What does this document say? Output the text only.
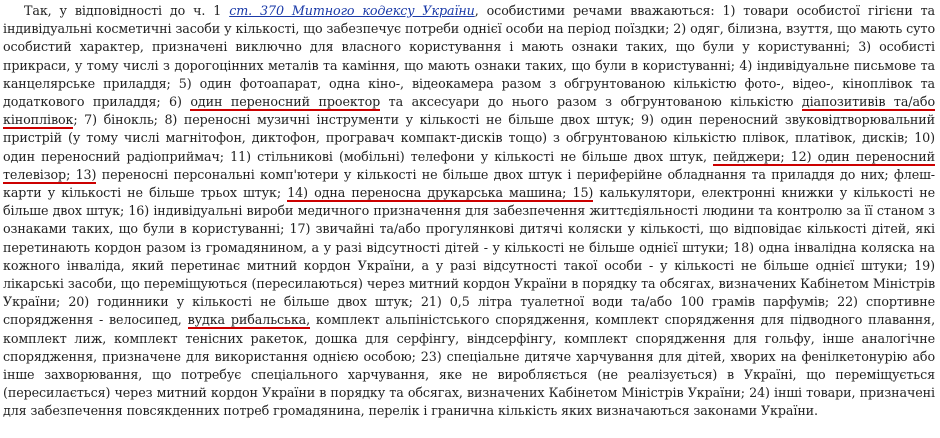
Так, у відповідності до ч. 1 ст. 370 Митного кодексу України, особистими речами вважаються: 1) товари особистої гігієни та індивідуальні косметичні засоби у кількості, що забезпечує потреби однієї особи на період поїздки; 2) одяг, білизна, взуття, що мають суто особистий характер, призначені виключно для власного користування і мають ознаки таких, що були у користуванні; 3) особисті прикраси, у тому числі з дорогоцінних металів та каміння, що мають ознаки таких, що були в користуванні; 4) індивідуальне письмове та канцелярське приладдя; 5) один фотоапарат, одна кіно-, відеокамера разом з обгрунтованою кількістю фото-, відео-, кіноплівок та додаткового приладдя; 6) один переносний проектор та аксесуари до нього разом з обгрунтованою кількістю діапозитивів та/або кіноплівок; 7) бінокль; 8) переносні музичні інструменти у кількості не більше двох штук; 9) один переносний звуковідтворювальний пристрій (у тому числі магнітофон, диктофон, програвач компакт-дисків тощо) з обгрунтованою кількістю плівок, платівок, дисків; 10) один переносний радіоприймач; 11) стільникові (мобільні) телефони у кількості не більше двох штук, пейджери; 12) один переносний телевізор; 13) переносні персональні комп'ютери у кількості не більше двох штук і периферійне обладнання та приладдя до них; флеш-карти у кількості не більше трьох штук; 14) одна переносна друкарська машина; 15) калькулятори, електронні книжки у кількості не більше двох штук; 16) індивідуальні вироби медичного призначення для забезпечення життєдіяльності людини та контролю за її станом з ознаками таких, що були в користуванні; 17) звичайні та/або прогулянкові дитячі коляски у кількості, що відповідає кількості дітей, які перетинають кордон разом із громадянином, а у разі відсутності дітей - у кількості не більше однієї штуки; 18) одна інвалідна коляска на кожного інваліда, який перетинає митний кордон України, а у разі відсутності такої особи - у кількості не більше однієї штуки; 19) лікарські засоби, що переміщуються (пересилаються) через митний кордон України в порядку та обсягах, визначених Кабінетом Міністрів України; 20) годинники у кількості не більше двох штук; 21) 0,5 літра туалетної води та/або 100 грамів парфумів; 22) спортивне спорядження - велосипед, вудка рибальська, комплект альпіністського спорядження, комплект спорядження для підводного плавання, комплект лиж, комплект тенісних ракеток, дошка для серфінгу, віндсерфінгу, комплект спорядження для гольфу, інше аналогічне спорядження, призначене для використання однією особою; 23) спеціальне дитяче харчування для дітей, хворих на фенілкетонурію або інше захворювання, що потребує спеціального харчування, яке не виробляється (не реалізується) в Україні, що переміщується (пересилається) через митний кордон України в порядку та обсягах, визначених Кабінетом Міністрів України; 24) інші товари, призначені для забезпечення повсякденних потреб громадянина, перелік і гранична кількість яких визначаються законами України.
